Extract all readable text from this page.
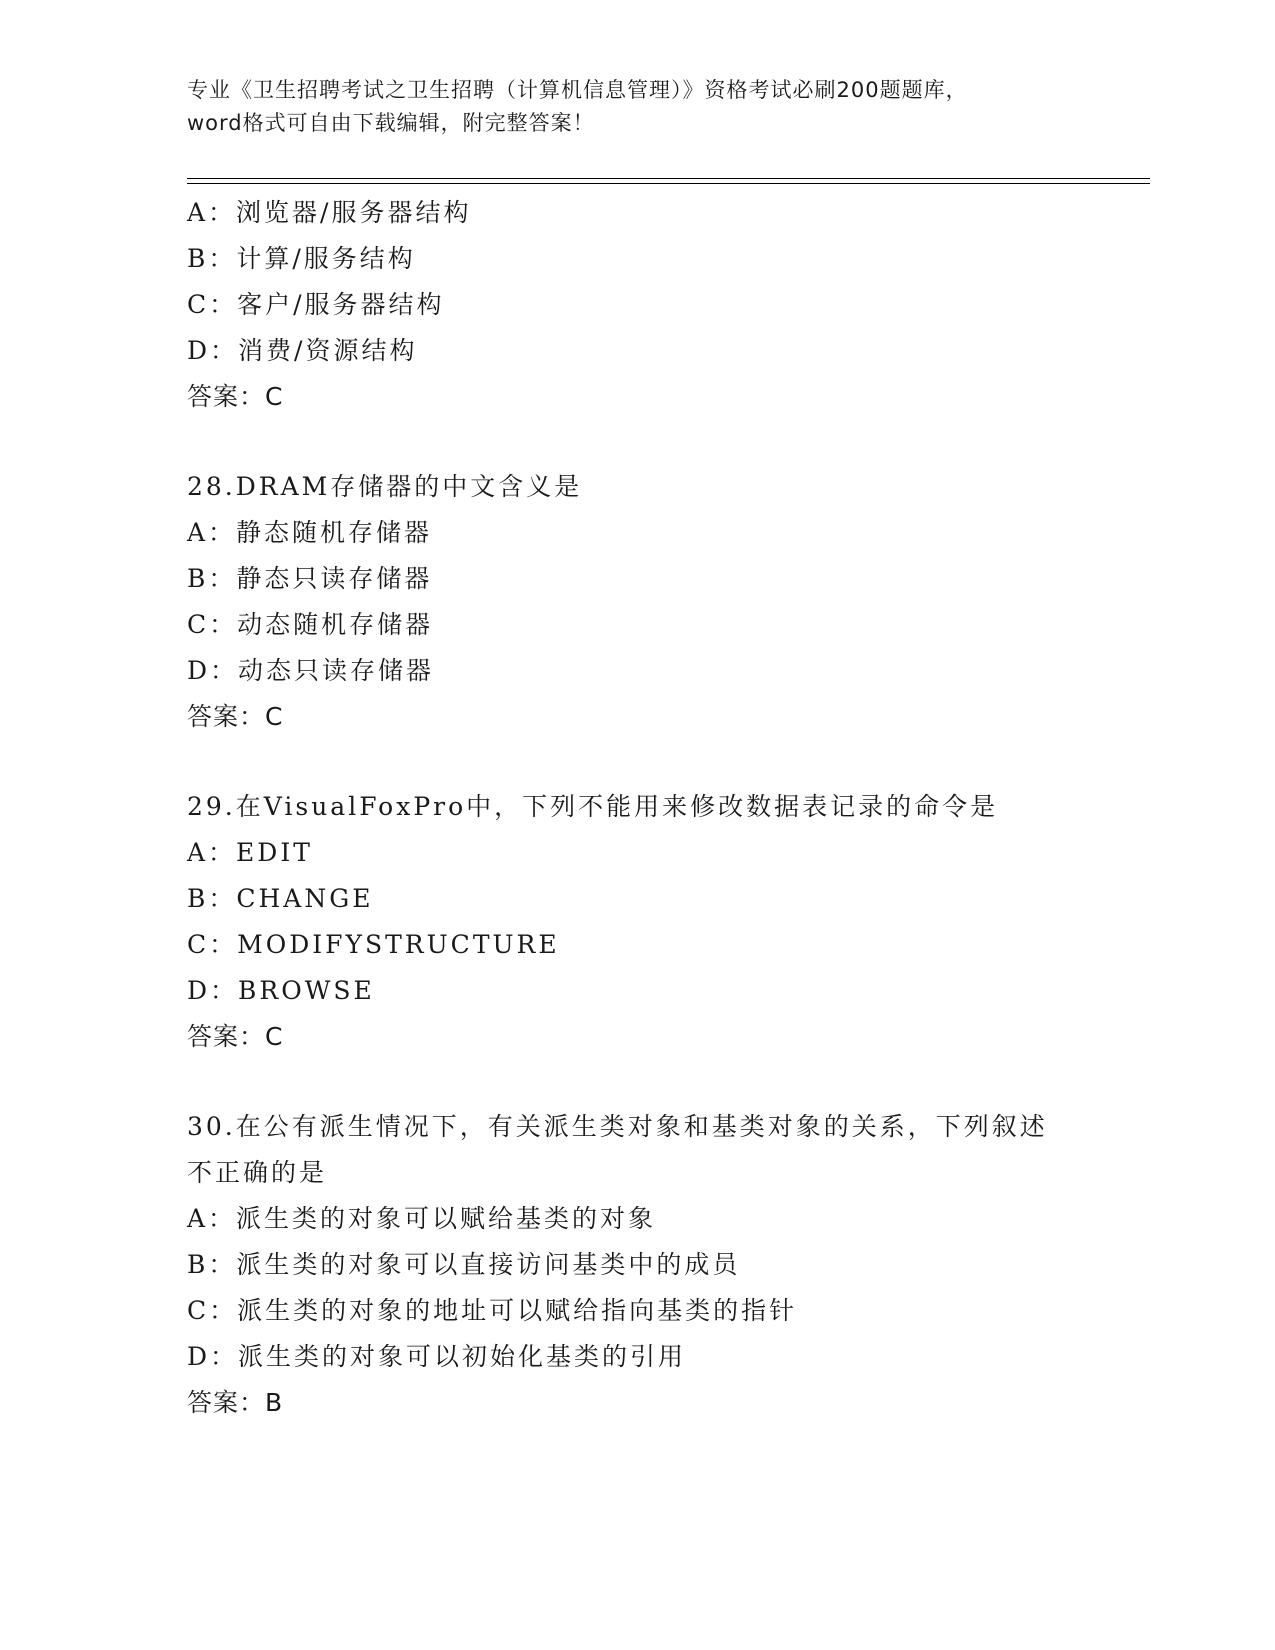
专业《卫生招聘考试之卫生招聘（计算机信息管理）》资格考试必刷200题题库，
word格式可自由下载编辑，附完整答案！
A：浏览器/服务器结构
B：计算/服务结构
C：客户/服务器结构
D：消费/资源结构
答案：C
28.DRAM存储器的中文含义是
A：静态随机存储器
B：静态只读存储器
C：动态随机存储器
D：动态只读存储器
答案：C
29.在VisualFoxPro中，下列不能用来修改数据表记录的命令是
A：EDIT
B：CHANGE
C：MODIFYSTRUCTURE
D：BROWSE
答案：C
30.在公有派生情况下，有关派生类对象和基类对象的关系，下列叙述不正确的是
A：派生类的对象可以赋给基类的对象
B：派生类的对象可以直接访问基类中的成员
C：派生类的对象的地址可以赋给指向基类的指针
D：派生类的对象可以初始化基类的引用
答案：B
